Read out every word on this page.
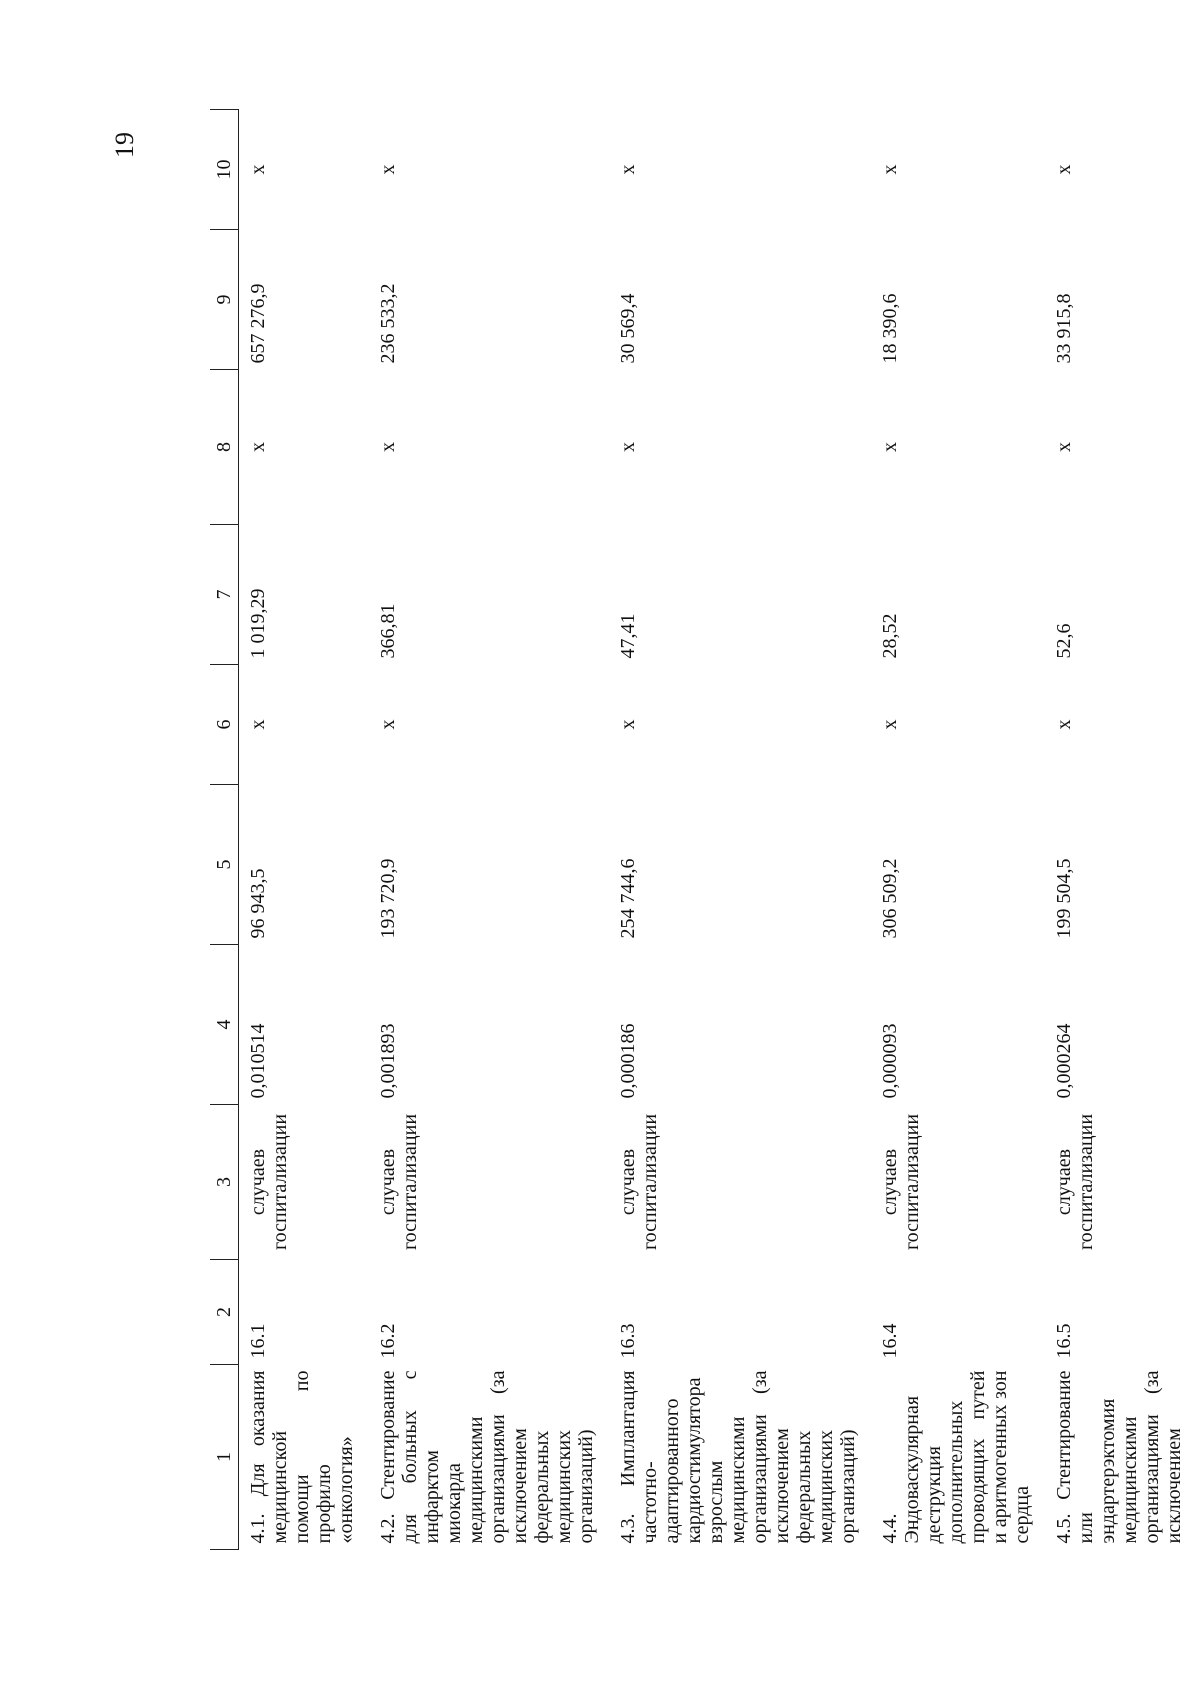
19
1	2	3	4	5	6	7	8	9	10
4.1. Для оказания медицинской помощи по профилю «онкология»	16.1	случаев госпитализации	0,010514	96 943,5	x	1 019,29	x	657 276,9	x
4.2. Стентирование для больных с инфарктом миокарда медицинскими организациями (за исключением федеральных медицинских организаций)	16.2	случаев госпитализации	0,001893	193 720,9	x	366,81	x	236 533,2	x
4.3. Имплантация частотно-адаптированного кардиостимулятора взрослым медицинскими организациями (за исключением федеральных медицинских организаций)	16.3	случаев госпитализации	0,000186	254 744,6	x	47,41	x	30 569,4	x
4.4. Эндоваскулярная деструкция дополнительных проводящих путей и аритмогенных зон сердца	16.4	случаев госпитализации	0,000093	306 509,2	x	28,52	x	18 390,6	x
4.5. Стентирование или эндартерэктомия медицинскими организациями (за исключением	16.5	случаев госпитализации	0,000264	199 504,5	x	52,6	x	33 915,8	x
